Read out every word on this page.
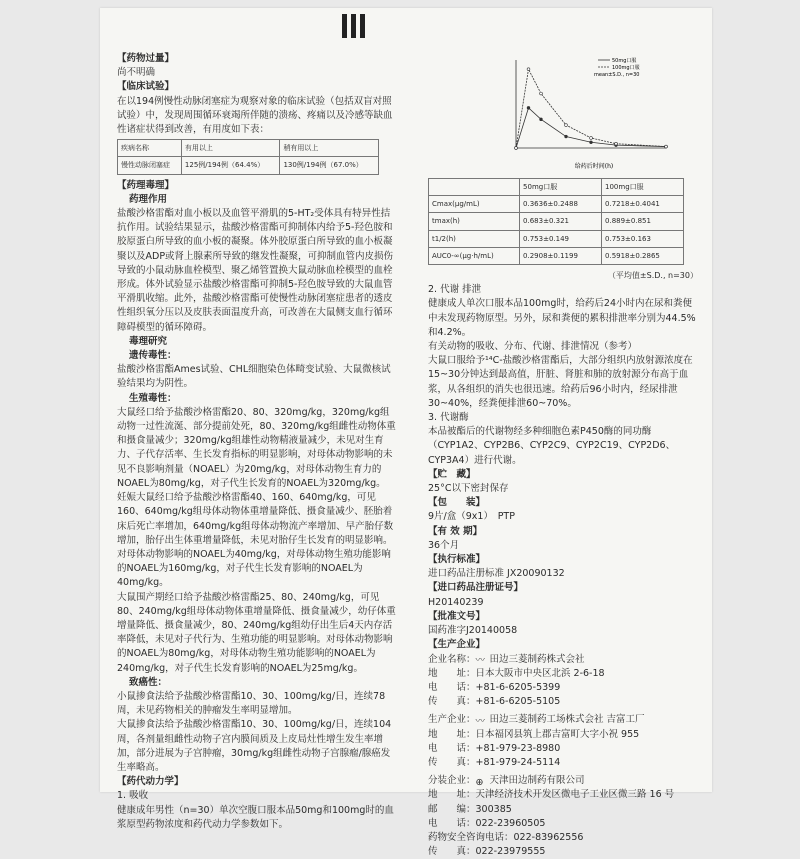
【药物过量】
尚不明确
【临床试验】
在以194例慢性动脉闭塞症为观察对象的临床试验（包括双盲对照试验）中，发现周围循环衰竭所伴随的溃疡、疼痛以及冷感等缺血性诸症状得到改善，有用度如下表：
疾病名称	有用以上	稍有用以上
慢性动脉闭塞症	125例/194例（64.4%）	130例/194例（67.0%）
【药理毒理】
药理作用
盐酸沙格雷酯对血小板以及血管平滑肌的5-HT₂受体具有特异性拮抗作用。试验结果显示，盐酸沙格雷酯可抑制体内给予5-羟色胺和胶原蛋白所导致的血小板的凝聚。体外胶原蛋白所导致的血小板凝聚以及ADP或肾上腺素所导致的继发性凝聚，可抑制血管内皮损伤导致的小鼠动脉血栓模型、聚乙烯管置换大鼠动脉血栓模型的血栓形成。体外试验显示盐酸沙格雷酯可抑制5-羟色胺导致的大鼠血管平滑肌收缩。此外，盐酸沙格雷酯可使慢性动脉闭塞症患者的透皮性组织氧分压以及皮肤表面温度升高，可改善在大鼠侧支血行循环障碍模型的循环障碍。
毒理研究
遗传毒性：
盐酸沙格雷酯Ames试验、CHL细胞染色体畸变试验、大鼠微核试验结果均为阴性。
生殖毒性：
大鼠经口给予盐酸沙格雷酯20、80、320mg/kg，320mg/kg组动物一过性流涎、部分提前处死，80、320mg/kg组雌性动物体重和摄食量减少；320mg/kg组雄性动物精液量减少，未见对生育力、子代存活率、生长发育指标的明显影响，对母体动物影响的未见不良影响剂量（NOAEL）为20mg/kg，对母体动物生育力的NOAEL为80mg/kg，对子代生长发育的NOAEL为320mg/kg。
妊娠大鼠经口给予盐酸沙格雷酯40、160、640mg/kg，可见160、640mg/kg组母体动物体重增量降低、摄食量减少、胚胎着床后死亡率增加，640mg/kg组母体动物流产率增加、早产胎仔数增加，胎仔出生体重增量降低，未见对胎仔生长发育的明显影响。对母体动物影响的NOAEL为40mg/kg，对母体动物生殖功能影响的NOAEL为160mg/kg，对子代生长发育影响的NOAEL为40mg/kg。
大鼠围产期经口给予盐酸沙格雷酯25、80、240mg/kg，可见80、240mg/kg组母体动物体重增量降低、摄食量减少，幼仔体重增量降低、摄食量减少，80、240mg/kg组幼仔出生后4天内存活率降低，未见对子代行为、生殖功能的明显影响。对母体动物影响的NOAEL为80mg/kg，对母体动物生殖功能影响的NOAEL为240mg/kg，对子代生长发育影响的NOAEL为25mg/kg。
致癌性：
小鼠掺食法给予盐酸沙格雷酯10、30、100mg/kg/日，连续78周，未见药物相关的肿瘤发生率明显增加。
大鼠掺食法给予盐酸沙格雷酯10、30、100mg/kg/日，连续104周，各剂量组雌性动物子宫内膜间质及上皮局灶性增生发生率增加，部分进展为子宫肿瘤，30mg/kg组雌性动物子宫腺瘤/腺癌发生率略高。
【药代动力学】
1. 吸收
健康成年男性（n=30）单次空腹口服本品50mg和100mg时的血浆原型药物浓度和药代动力学参数如下。
给药后时间(h)
50mg口服
100mg口服
mean±S.D., n=30
	50mg口服	100mg口服
Cmax(μg/mL)	0.3636±0.2488	0.7218±0.4041
tmax(h)	0.683±0.321	0.889±0.851
t1/2(h)	0.753±0.149	0.753±0.163
AUC0-∞(μg·h/mL)	0.2908±0.1199	0.5918±0.2865
（平均值±S.D., n=30）
2. 代谢 排泄
健康成人单次口服本品100mg时，给药后24小时内在尿和粪便中未发现药物原型。另外，尿和粪便的累积排泄率分别为44.5%和4.2%。
有关动物的吸收、分布、代谢、排泄情况（参考）
大鼠口服给予¹⁴C-盐酸沙格雷酯后，大部分组织内放射源浓度在15~30分钟达到最高值，肝脏、肾脏和肺的放射源分布高于血浆，从各组织的消失也很迅速。给药后96小时内，经尿排泄30~40%，经粪便排泄60~70%。
3. 代谢酶
本品被酯后的代谢物经多种细胞色素P450酶的同功酶（CYP1A2、CYP2B6、CYP2C9、CYP2C19、CYP2D6、CYP3A4）进行代谢。
【贮　藏】
25°C以下密封保存
【包　　装】
9片/盒（9x1）　PTP
【有 效 期】
36个月
【执行标准】
进口药品注册标准 JX20090132
【进口药品注册证号】
H20140239
【批准文号】
国药准字J20140058
【生产企业】
企业名称：〰 田边三菱制药株式会社
地　　址：日本大阪市中央区北浜 2-6-18
电　　话：+81-6-6205-5399
传　　真：+81-6-6205-5105
生产企业：〰 田边三菱制药工场株式会社 吉富工厂
地　　址：日本福冈县筑上郡吉富町大字小祝 955
电　　话：+81-979-23-8980
传　　真：+81-979-24-5114
分装企业：⊕ 天津田边制药有限公司
地　　址：天津经济技术开发区微电子工业区微三路 16 号
邮　　编：300385
电　　话：022-23960505
药物安全咨询电话：022-83962556
传　　真：022-23979555
